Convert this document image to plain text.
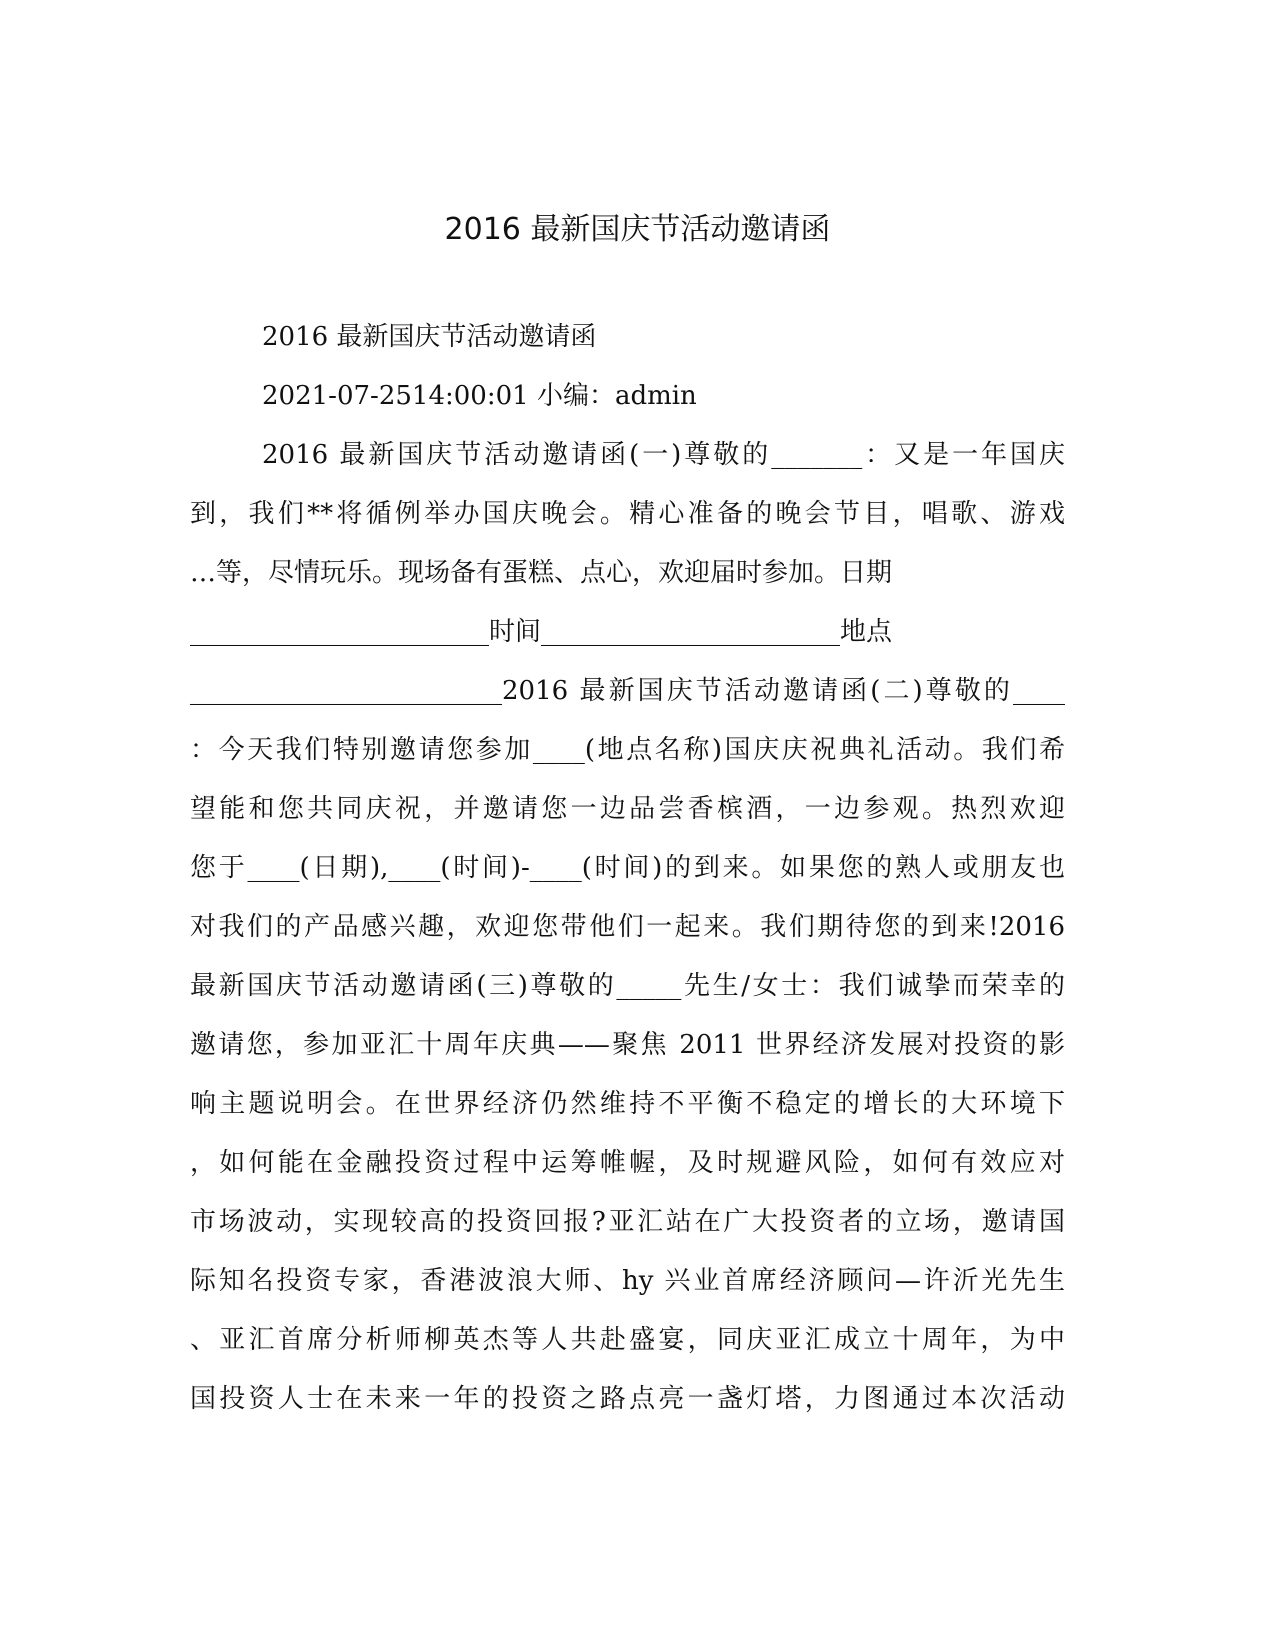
2016 最新国庆节活动邀请函

2016 最新国庆节活动邀请函

2021-07-2514:00:01 小编：admin

2016 最新国庆节活动邀请函(一)尊敬的_______：又是一年国庆

到，我们**将循例举办国庆晚会。精心准备的晚会节目，唱歌、游戏

…等，尽情玩乐。现场备有蛋糕、点心，欢迎届时参加。日期

_______________________时间_______________________地点

________________________2016 最新国庆节活动邀请函(二)尊敬的____

：今天我们特别邀请您参加____(地点名称)国庆庆祝典礼活动。我们希

望能和您共同庆祝，并邀请您一边品尝香槟酒，一边参观。热烈欢迎

您于____(日期),____(时间)-____(时间)的到来。如果您的熟人或朋友也

对我们的产品感兴趣，欢迎您带他们一起来。我们期待您的到来!2016

最新国庆节活动邀请函(三)尊敬的_____先生/女士：我们诚挚而荣幸的

邀请您，参加亚汇十周年庆典——聚焦 2011 世界经济发展对投资的影

响主题说明会。在世界经济仍然维持不平衡不稳定的增长的大环境下

，如何能在金融投资过程中运筹帷幄，及时规避风险，如何有效应对

市场波动，实现较高的投资回报?亚汇站在广大投资者的立场，邀请国

际知名投资专家，香港波浪大师、hy 兴业首席经济顾问—许沂光先生

、亚汇首席分析师柳英杰等人共赴盛宴，同庆亚汇成立十周年，为中

国投资人士在未来一年的投资之路点亮一盏灯塔，力图通过本次活动
